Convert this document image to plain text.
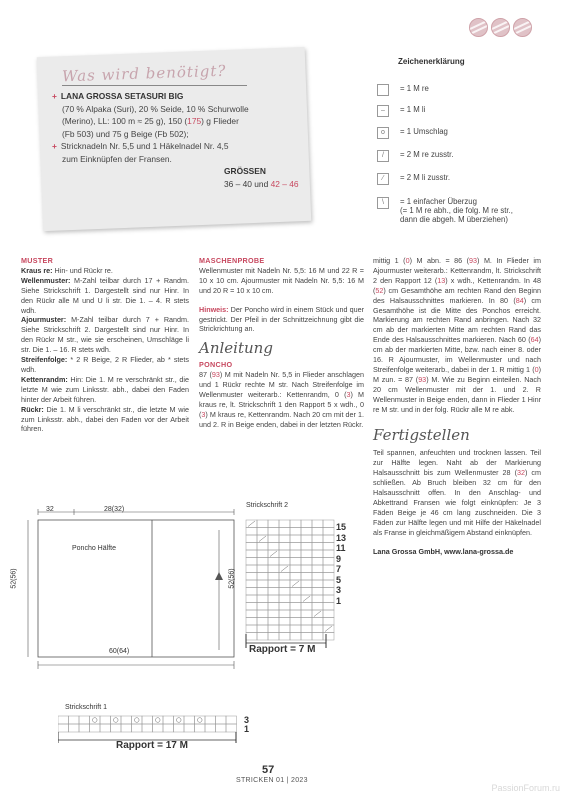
Was wird benötigt?
+ LANA GROSSA SETASURI BIG
(70 % Alpaka (Suri), 20 % Seide, 10 % Schurwolle
(Merino), LL: 100 m ≈ 25 g), 150 (175) g Flieder
(Fb 503) und 75 g Beige (Fb 502);
+ Stricknadeln Nr. 5,5 und 1 Häkelnadel Nr. 4,5
zum Einknüpfen der Fransen.
GRÖSSEN
36 – 40 und 42 – 46
Zeichenerklärung
= 1 M re
–	= 1 M li
o	= 1 Umschlag
/	= 2 M re zusstr.
⁄	= 2 M li zusstr.
\	= 1 einfacher Überzug
(= 1 M re abh., die folg. M re str.,
dann die abgeh. M überziehen)
MUSTER
Kraus re: Hin- und Rückr re.
Wellenmuster: M-Zahl teilbar durch 17 + Randm. Siehe Strickschrift 1. Dargestellt sind nur Hinr. In den Rückr alle M und U li str. Die 1. – 4. R stets wdh.
Ajourmuster: M-Zahl teilbar durch 7 + Randm. Siehe Strickschrift 2. Dargestellt sind nur Hinr. In den Rückr M str., wie sie erscheinen, Umschläge li str. Die 1. – 16. R stets wdh.
Streifenfolge: * 2 R Beige, 2 R Flieder, ab * stets wdh.
Kettenrandm: Hin: Die 1. M re verschränkt str., die letzte M wie zum Linksstr. abh., dabei den Faden hinter der Arbeit führen.
Rückr: Die 1. M li verschränkt str., die letzte M wie zum Linksstr. abh., dabei den Faden vor der Arbeit führen.
MASCHENPROBE
Wellenmuster mit Nadeln Nr. 5,5: 16 M und 22 R = 10 x 10 cm. Ajourmuster mit Nadeln Nr. 5,5: 16 M und 20 R = 10 x 10 cm.
Hinweis: Der Poncho wird in einem Stück und quer gestrickt. Der Pfeil in der Schnittzeichnung gibt die Strickrichtung an.
Anleitung
PONCHO
87 (93) M mit Nadeln Nr. 5,5 in Flieder anschlagen und 1 Rückr rechte M str. Nach Streifenfolge im Wellenmuster weiterarb.: Kettenrandm, 0 (3) M kraus re, lt. Strickschrift 1 den Rapport 5 x wdh., 0 (3) M kraus re, Kettenrandm. Nach 20 cm mit der 1. und 2. R in Beige enden, dabei in der letzten Rückr.
mittig 1 (0) M abn. = 86 (93) M. In Flieder im Ajourmuster weiterarb.: Kettenrandm, lt. Strickschrift 2 den Rapport 12 (13) x wdh., Kettenrandm. In 48 (52) cm Gesamthöhe am rechten Rand den Beginn des Halsausschnittes markieren. In 80 (84) cm Gesamthöhe ist die Mitte des Ponchos erreicht. Markierung am rechten Rand anbringen. Nach 32 cm ab der markierten Mitte am rechten Rand das Ende des Halsausschnittes markieren. Nach 60 (64) cm ab der markierten Mitte, bzw. nach einer 8. oder 16. R Ajourmuster, im Wellenmuster und nach Streifenfolge weiterarb., dabei in der 1. R mittig 1 (0) M zun. = 87 (93) M. Wie zu Beginn einteilen. Nach 20 cm Wellenmuster mit der 1. und 2. R Wellenmuster in Beige enden, dann in Flieder 1 Hinr re M str. und in der folg. Rückr alle M re abk.
Fertigstellen
Teil spannen, anfeuchten und trocknen lassen. Teil zur Hälfte legen. Naht ab der Markierung Halsausschnitt bis zum Wellenmuster 28 (32) cm schließen. Ab Bruch bleiben 32 cm für den Halsausschnitt offen. In den Anschlag- und Abkettrand Fransen wie folgt einknüpfen: Je 3 Fäden Beige je 46 cm lang zuschneiden. Die 3 Fäden zur Hälfte legen und mit Hilfe der Häkelnadel als Franse in gleichmäßigem Abstand einknüpfen.
Lana Grossa GmbH, www.lana-grossa.de
32	28(32)
Poncho Hälfte
52(56)	52(56)
60(64)
Strickschrift 2
15
13
11
9
7
5
3
1
Rapport = 7 M
Strickschrift 1
3
1
Rapport = 17 M
57
STRICKEN 01 | 2023
PassionForum.ru
